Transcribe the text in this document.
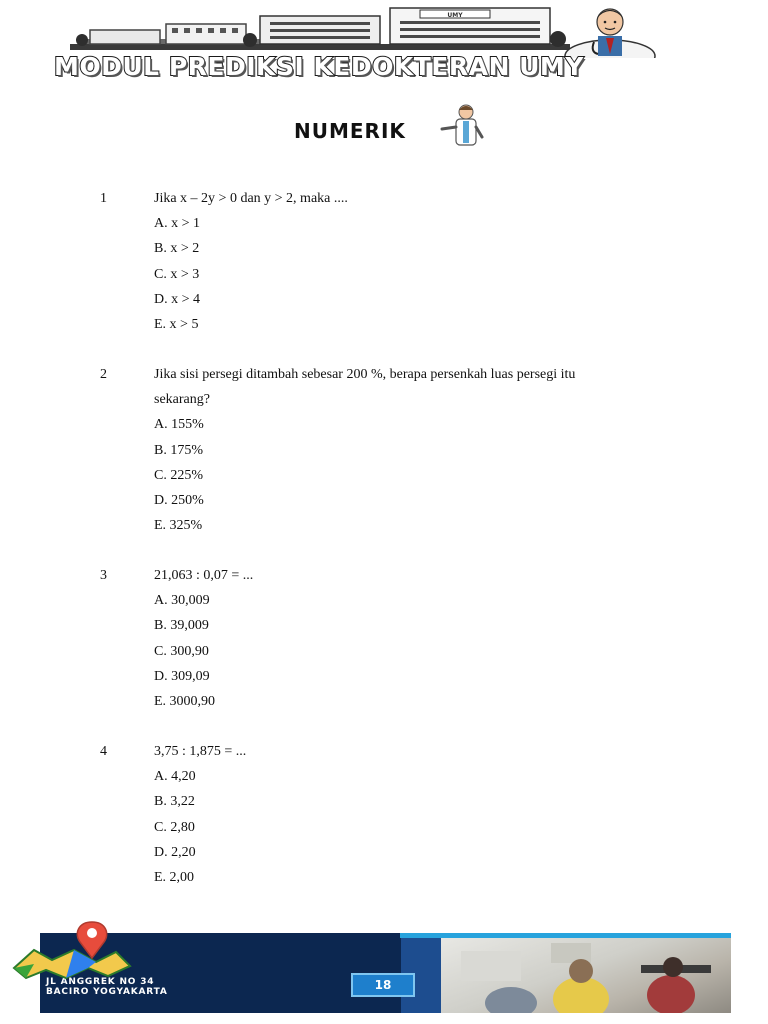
UMY
MODUL PREDIKSI KEDOKTERAN UMY
NUMERIK
1	Jika x – 2y > 0 dan y > 2, maka ....
A. x > 1
B. x > 2
C. x > 3
D. x > 4
E. x > 5
2	Jika sisi persegi ditambah sebesar 200 %, berapa persenkah luas persegi itu
sekarang?
A. 155%
B. 175%
C. 225%
D. 250%
E. 325%
3	21,063 : 0,07 = ...
A. 30,009
B. 39,009
C. 300,90
D. 309,09
E. 3000,90
4	3,75 : 1,875 = ...
A. 4,20
B. 3,22
C. 2,80
D. 2,20
E. 2,00
JL ANGGREK NO 34
BACIRO YOGYAKARTA	18
